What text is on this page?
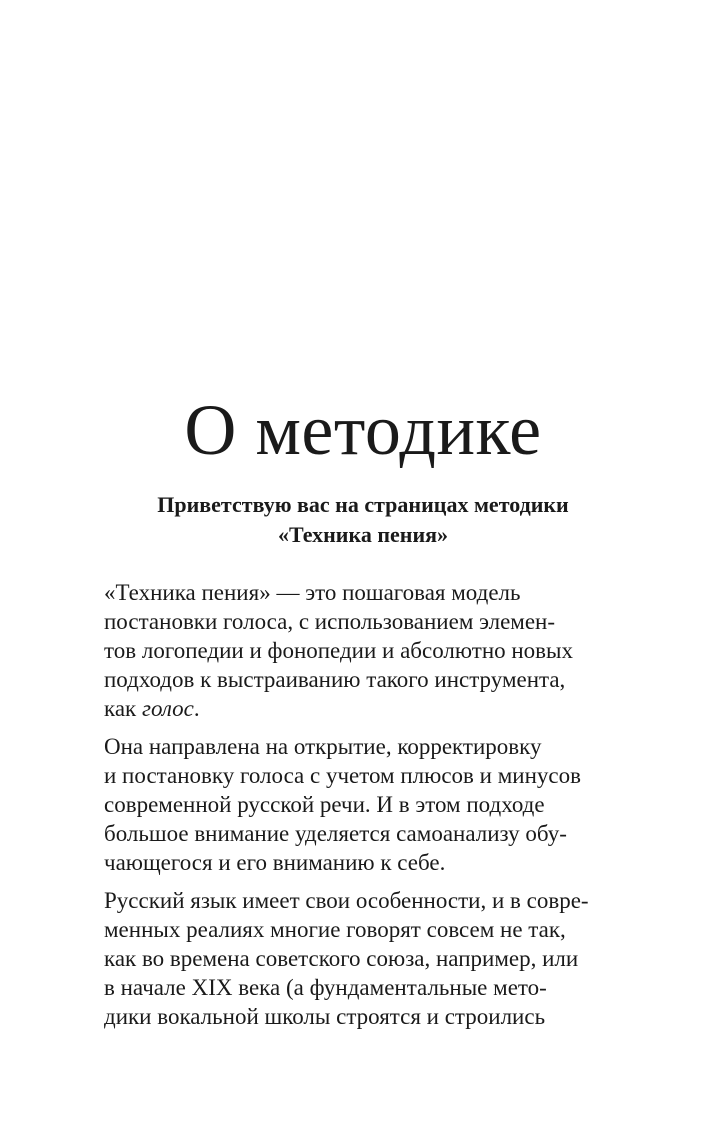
О методике
Приветствую вас на страницах методики
«Техника пения»

«Техника пения» — это пошаговая модель
постановки голоса, с использованием элемен-
тов логопедии и фонопедии и абсолютно новых
подходов к выстраиванию такого инструмента,
как голос.

Она направлена на открытие, корректировку
и постановку голоса с учетом плюсов и минусов
современной русской речи. И в этом подходе
большое внимание уделяется самоанализу обу-
чающегося и его вниманию к себе.

Русский язык имеет свои особенности, и в совре-
менных реалиях многие говорят совсем не так,
как во времена советского союза, например, или
в начале XIX века (а фундаментальные мето-
дики вокальной школы строятся и строились
